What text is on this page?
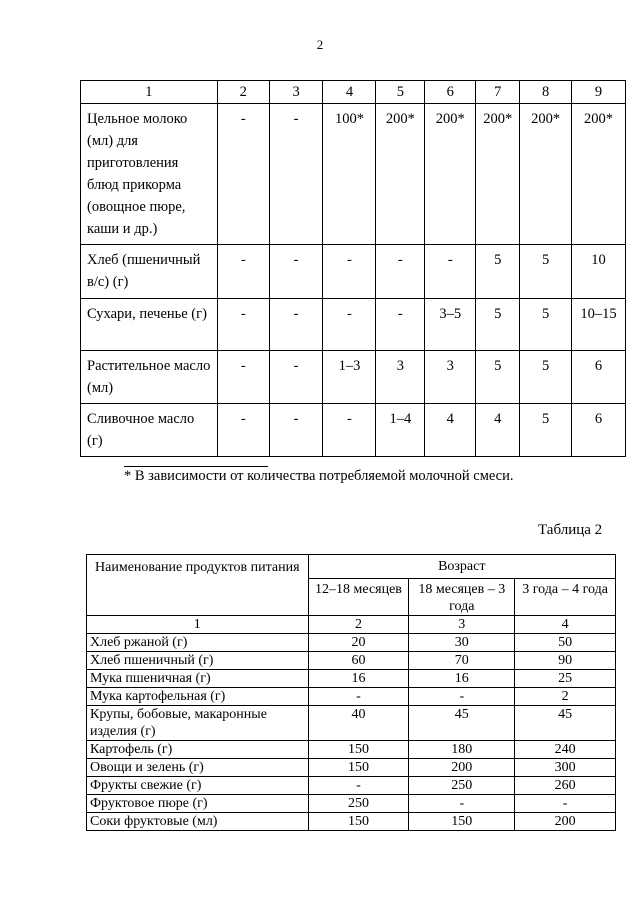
2
1	2	3	4	5	6	7	8	9
Цельное молоко (мл) для приготовления блюд прикорма (овощное пюре, каши и др.)	-	-	100*	200*	200*	200*	200*	200*
Хлеб (пшеничный в/с) (г)	-	-	-	-	-	5	5	10
Сухари, печенье (г)	-	-	-	-	3–5	5	5	10–15
Растительное масло (мл)	-	-	1–3	3	3	5	5	6
Сливочное масло (г)	-	-	-	1–4	4	4	5	6
* В зависимости от количества потребляемой молочной смеси.
Таблица 2
Наименование продуктов питания	Возраст		
	12–18 месяцев	18 месяцев – 3 года	3 года – 4 года
1	2	3	4
Хлеб ржаной (г)	20	30	50
Хлеб пшеничный (г)	60	70	90
Мука пшеничная (г)	16	16	25
Мука картофельная (г)	-	-	2
Крупы, бобовые, макаронные изделия (г)	40	45	45
Картофель (г)	150	180	240
Овощи и зелень (г)	150	200	300
Фрукты свежие (г)	-	250	260
Фруктовое пюре (г)	250	-	-
Соки фруктовые (мл)	150	150	200
